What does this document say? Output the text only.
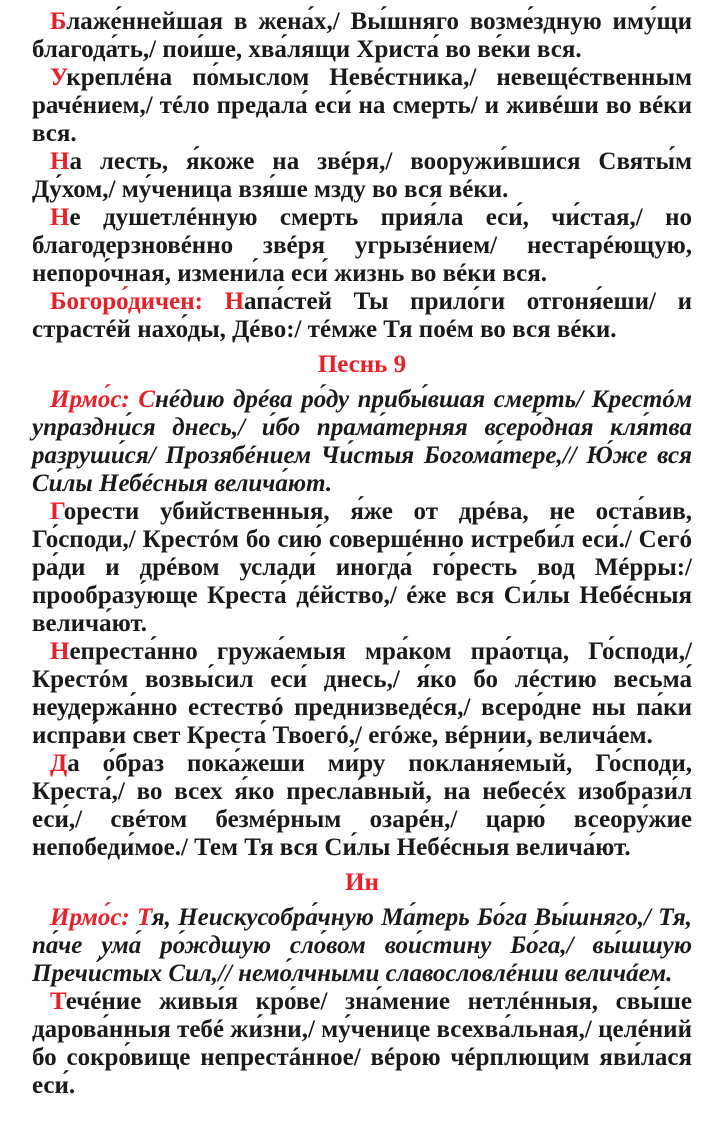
Блаже́ннейшая в жена́х,/ Вы́шняго возме́здную иму́щи благода́ть,/ пои́ше, хва́лящи Христа́ во ве́ки вся.

Укреплéна по́мыслом Невéстника,/ невещéственным рачéнием,/ тéло предала́ еси́ на смерть/ и живéши во вéки вся.

На лесть, я́коже на звéря,/ вооружи́вшися Святы́м Ду́хом,/ му́ченица взя́ше мзду во вся вéки.

Не душетлéнную смерть прия́ла еси́, чи́стая,/ но благодерзновéнно звéря угрызéнием/ нестарéющую, непоро́чная, измени́ла еси́ жизнь во вéки вся.

Богоро́дичен: Напа́стей Ты прило́ги отгоня́еши/ и страстéй нахо́ды, Дéво:/ тéмже Тя поéм во вся вéки.

Песнь 9

Ирмо́с: Снéдию дрéва ро́ду прибы́вшая смерть/ Крестóм упраздни́ся днесь,/ и́бо прама́терняя всеро́дная кля́тва разруши́ся/ Прозябéнием Чи́стыя Богома́тере,// Ю́же вся Си́лы Небéсныя велича́ют.

Горести убийственныя, я́же от дрéва, не оста́вив, Го́споди,/ Крестóм бо сию́ совершéнно истреби́л еси́./ Сегó ра́ди и дрéвом услади́ иногда́ го́ресть вод Мéрры:/ прообразу́юще Креста́ дéйство,/ éже вся Си́лы Небéсныя велича́ют.

Непреста́нно гружа́емыя мра́ком пра́отца, Го́споди,/ Крестóм возвы́сил еси́ днесь,/ я́ко бо лéстию весьма́ неудержа́нно естествó преднизведéся,/ всеро́дне ны па́ки испра́ви свет Креста́ Твоегó,/ егóже, вéрнии, величáем.

Да о́браз пока́жеши ми́ру покланя́емый, Го́споди, Креста́,/ во всех я́ко пресла́вный, на небесéх изобрази́л еси́,/ свéтом безмéрным озарéн,/ царю́ всеору́жие непобеди́мое./ Тем Тя вся Си́лы Небéсныя велича́ют.

Ин

Ирмо́с: Тя, Неискусобра́чную Ма́терь Бо́га Вы́шняго,/ Тя, па́че ума́ ро́ждшую сло́вом вои́стину Бо́га,/ вы́шшую Пречи́стых Сил,// немо́лчными славословлéнии величáем.

Течéние живы́я кро́ве/ зна́мение нетлéнныя, свы́ше дарова́нныя тебé жи́зни,/ му́ченице всехва́льная,/ целéний бо сокро́вище непрестáнное/ вéрою чéрплющим яви́лася еси́.
